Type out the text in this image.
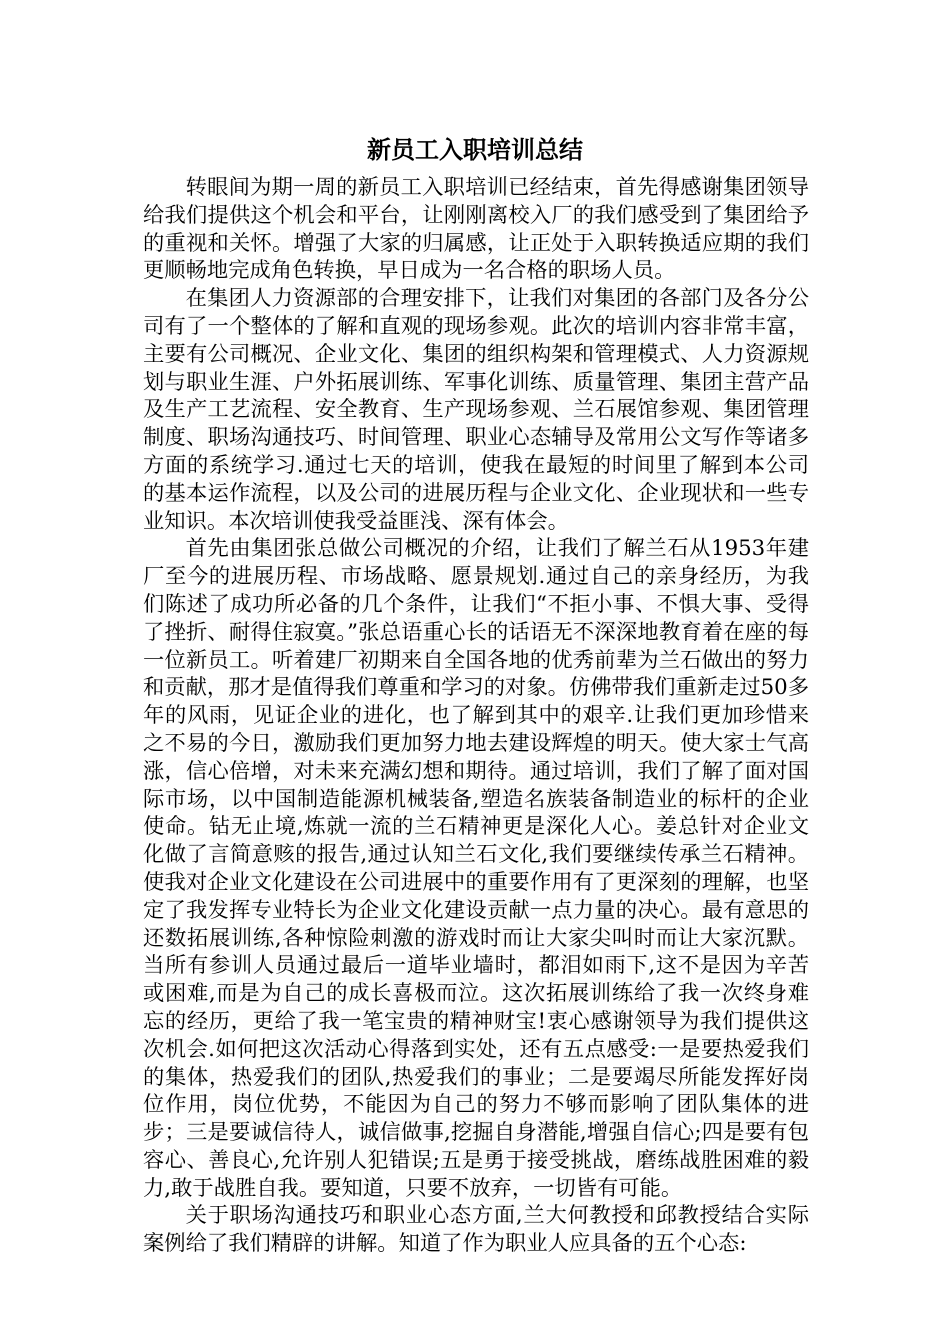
新员工入职培训总结

转眼间为期一周的新员工入职培训已经结束，首先得感谢集团领导给我们提供这个机会和平台，让刚刚离校入厂的我们感受到了集团给予的重视和关怀。增强了大家的归属感，让正处于入职转换适应期的我们更顺畅地完成角色转换，早日成为一名合格的职场人员。

在集团人力资源部的合理安排下，让我们对集团的各部门及各分公司有了一个整体的了解和直观的现场参观。此次的培训内容非常丰富，主要有公司概况、企业文化、集团的组织构架和管理模式、人力资源规划与职业生涯、户外拓展训练、军事化训练、质量管理、集团主营产品及生产工艺流程、安全教育、生产现场参观、兰石展馆参观、集团管理制度、职场沟通技巧、时间管理、职业心态辅导及常用公文写作等诸多方面的系统学习.通过七天的培训，使我在最短的时间里了解到本公司的基本运作流程，以及公司的进展历程与企业文化、企业现状和一些专业知识。本次培训使我受益匪浅、深有体会。

首先由集团张总做公司概况的介绍，让我们了解兰石从1953年建厂至今的进展历程、市场战略、愿景规划.通过自己的亲身经历，为我们陈述了成功所必备的几个条件，让我们“不拒小事、不惧大事、受得了挫折、耐得住寂寞。”张总语重心长的话语无不深深地教育着在座的每一位新员工。听着建厂初期来自全国各地的优秀前辈为兰石做出的努力和贡献，那才是值得我们尊重和学习的对象。仿佛带我们重新走过50多年的风雨，见证企业的进化，也了解到其中的艰辛.让我们更加珍惜来之不易的今日，激励我们更加努力地去建设辉煌的明天。使大家士气高涨，信心倍增，对未来充满幻想和期待。通过培训，我们了解了面对国际市场，以中国制造能源机械装备,塑造名族装备制造业的标杆的企业使命。钻无止境,炼就一流的兰石精神更是深化人心。姜总针对企业文化做了言简意赅的报告,通过认知兰石文化,我们要继续传承兰石精神。使我对企业文化建设在公司进展中的重要作用有了更深刻的理解，也坚定了我发挥专业特长为企业文化建设贡献一点力量的决心。最有意思的还数拓展训练,各种惊险刺激的游戏时而让大家尖叫时而让大家沉默。当所有参训人员通过最后一道毕业墙时，都泪如雨下,这不是因为辛苦或困难,而是为自己的成长喜极而泣。这次拓展训练给了我一次终身难忘的经历，更给了我一笔宝贵的精神财宝!衷心感谢领导为我们提供这次机会.如何把这次活动心得落到实处，还有五点感受:一是要热爱我们的集体，热爱我们的团队,热爱我们的事业；二是要竭尽所能发挥好岗位作用，岗位优势，不能因为自己的努力不够而影响了团队集体的进步；三是要诚信待人，诚信做事,挖掘自身潜能,增强自信心;四是要有包容心、善良心,允许别人犯错误;五是勇于接受挑战，磨练战胜困难的毅力,敢于战胜自我。要知道，只要不放弃，一切皆有可能。

关于职场沟通技巧和职业心态方面,兰大何教授和邱教授结合实际案例给了我们精辟的讲解。知道了作为职业人应具备的五个心态:
